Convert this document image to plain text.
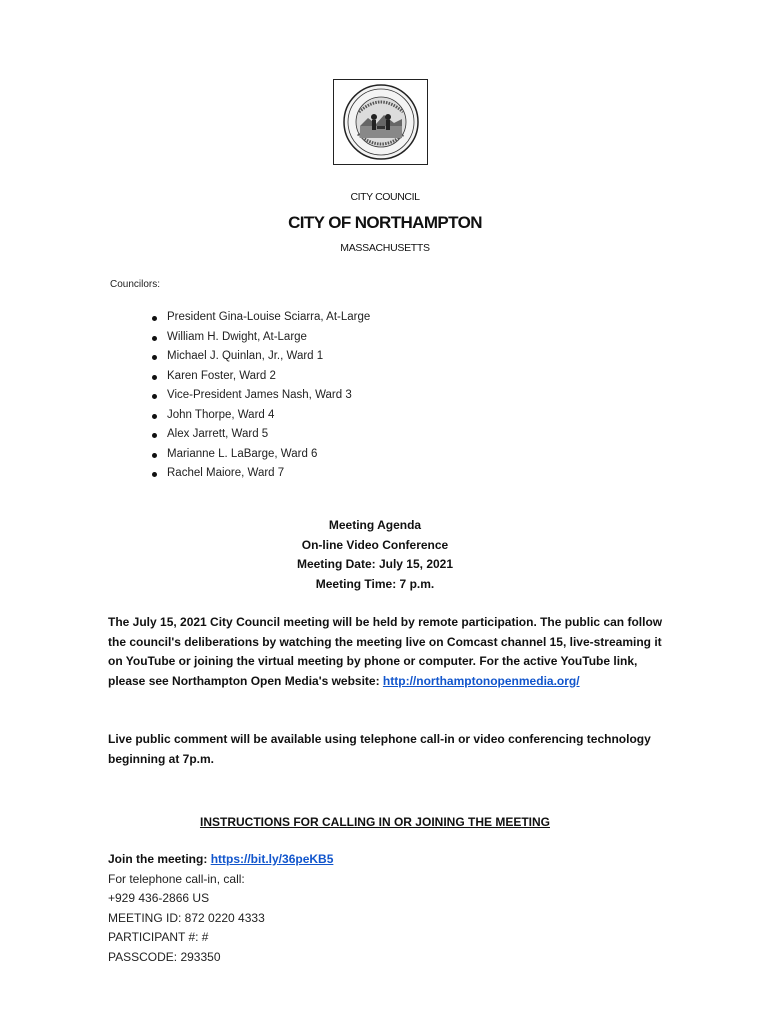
CITY COUNCIL
CITY OF NORTHAMPTON
MASSACHUSETTS
Councilors:
President Gina-Louise Sciarra, At-Large
William H. Dwight, At-Large
Michael J. Quinlan, Jr., Ward 1
Karen Foster, Ward 2
Vice-President James Nash, Ward 3
John Thorpe, Ward 4
Alex Jarrett, Ward 5
Marianne L. LaBarge, Ward 6
Rachel Maiore, Ward 7
Meeting Agenda
On-line Video Conference
Meeting Date: July 15, 2021
Meeting Time: 7 p.m.
The July 15, 2021 City Council meeting will be held by remote participation. The public can follow the council's deliberations by watching the meeting live on Comcast channel 15, live-streaming it on YouTube or joining the virtual meeting by phone or computer. For the active YouTube link, please see Northampton Open Media's website: http://northamptonopenmedia.org/
Live public comment will be available using telephone call-in or video conferencing technology beginning at 7p.m.
INSTRUCTIONS FOR CALLING IN OR JOINING THE MEETING
Join the meeting: https://bit.ly/36peKB5
For telephone call-in, call:
+929 436-2866 US
MEETING ID: 872 0220 4333
PARTICIPANT #: #
PASSCODE: 293350
